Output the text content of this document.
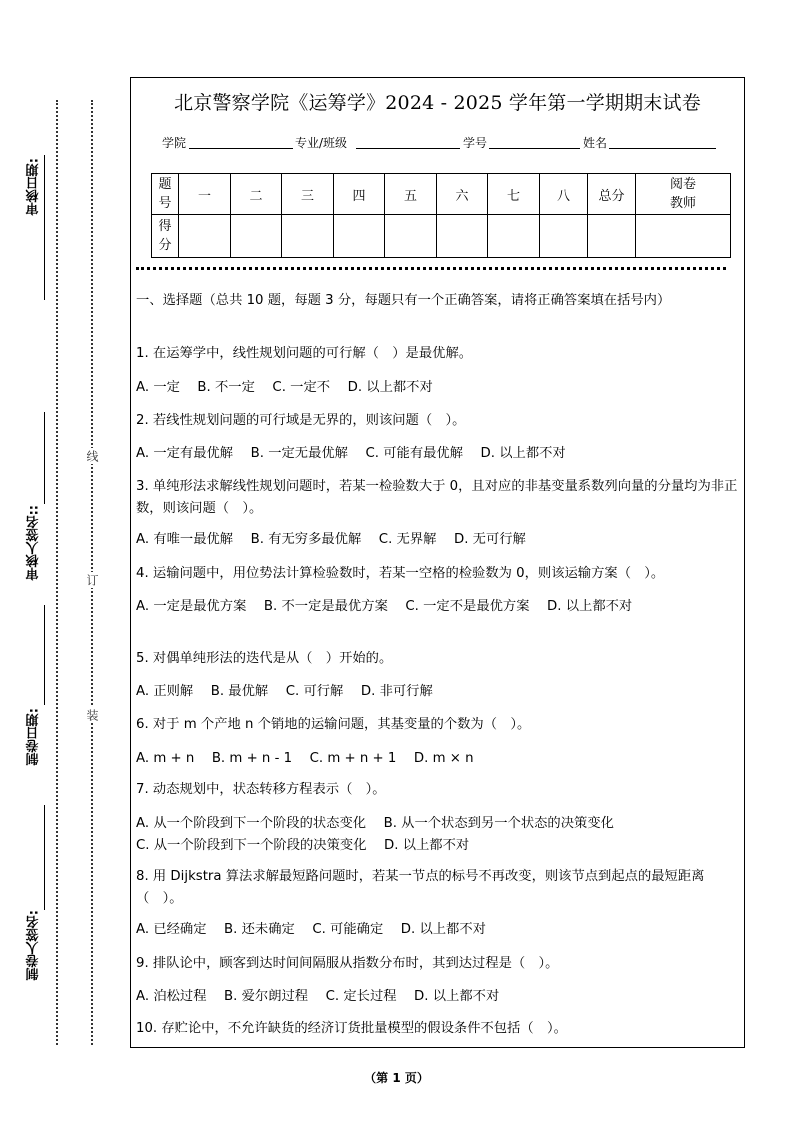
审核日期:
审核人签名::
制卷日期:
制卷人签名:
线
订
装
北京警察学院《运筹学》2024 - 2025 学年第一学期期末试卷
学院	专业/班级	学号	姓名
题
号	一	二	三	四	五	六	七	八	总分	阅卷
教师
得
分										
一、选择题（总共 10 题，每题 3 分，每题只有一个正确答案，请将正确答案填在括号内）
1. 在运筹学中，线性规划问题的可行解（　）是最优解。
A. 一定　 B. 不一定　 C. 一定不　 D. 以上都不对
2. 若线性规划问题的可行域是无界的，则该问题（　）。
A. 一定有最优解　 B. 一定无最优解　 C. 可能有最优解　 D. 以上都不对
3. 单纯形法求解线性规划问题时，若某一检验数大于 0，且对应的非基变量系数列向量的分量均为非正数，则该问题（　）。
A. 有唯一最优解　 B. 有无穷多最优解　 C. 无界解　 D. 无可行解
4. 运输问题中，用位势法计算检验数时，若某一空格的检验数为 0，则该运输方案（　）。
A. 一定是最优方案　 B. 不一定是最优方案　 C. 一定不是最优方案　 D. 以上都不对
5. 对偶单纯形法的迭代是从（　）开始的。
A. 正则解　 B. 最优解　 C. 可行解　 D. 非可行解
6. 对于 m 个产地 n 个销地的运输问题，其基变量的个数为（　）。
A. m + n　 B. m + n - 1　 C. m + n + 1　 D. m × n
7. 动态规划中，状态转移方程表示（　）。
A. 从一个阶段到下一个阶段的状态变化　 B. 从一个状态到另一个状态的决策变化
C. 从一个阶段到下一个阶段的决策变化　 D. 以上都不对
8. 用 Dijkstra 算法求解最短路问题时，若某一节点的标号不再改变，则该节点到起点的最短距离（　）。
A. 已经确定　 B. 还未确定　 C. 可能确定　 D. 以上都不对
9. 排队论中，顾客到达时间间隔服从指数分布时，其到达过程是（　）。
A. 泊松过程　 B. 爱尔朗过程　 C. 定长过程　 D. 以上都不对
10. 存贮论中，不允许缺货的经济订货批量模型的假设条件不包括（　）。
（第 1 页）
